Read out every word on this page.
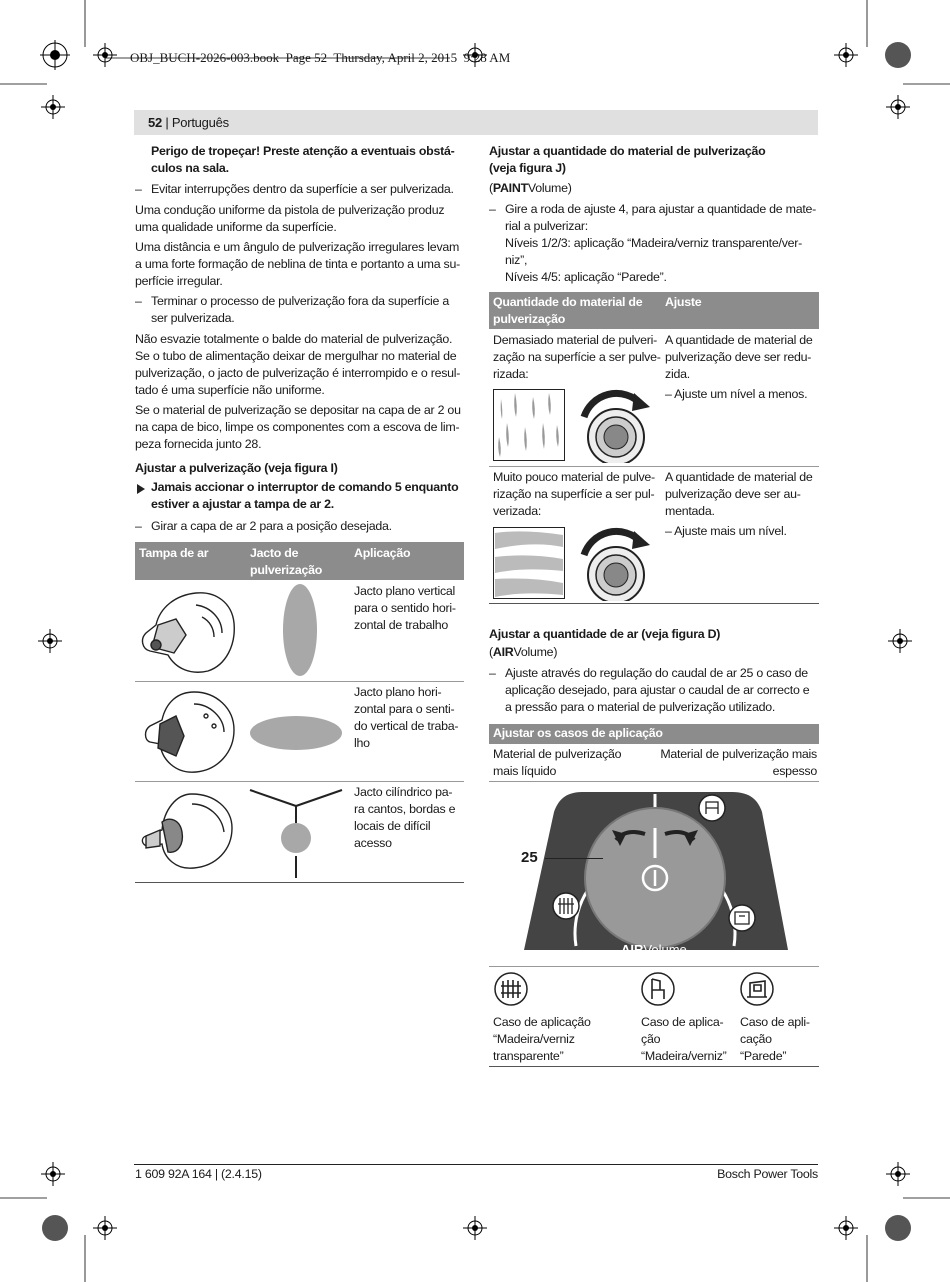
OBJ_BUCH-2026-003.book  Page 52  Thursday, April 2, 2015  9:28 AM
52 | Português

Perigo de tropeçar! Preste atenção a eventuais obstá-

culos na sala.

– Evitar interrupções dentro da superfície a ser pulverizada.

Uma condução uniforme da pistola de pulverização produz

uma qualidade uniforme da superfície.

Uma distância e um ângulo de pulverização irregulares levam

a uma forte formação de neblina de tinta e portanto a uma su-

perfície irregular.

– Terminar o processo de pulverização fora da superfície a

ser pulverizada.

Não esvazie totalmente o balde do material de pulverização.

Se o tubo de alimentação deixar de mergulhar no material de

pulverização, o jacto de pulverização é interrompido e o resul-

tado é uma superfície não uniforme.

Se o material de pulverização se depositar na capa de ar 2 ou

na capa de bico, limpe os componentes com a escova de lim-

peza fornecida junto 28.

Ajustar a pulverização (veja figura I)

Jamais accionar o interruptor de comando 5 enquanto

estiver a ajustar a tampa de ar 2.

– Girar a capa de ar 2 para a posição desejada.
Tampa de ar	Jacto de

pulverização

Aplicação

Jacto plano vertical

para o sentido hori-

zontal de trabalho

Jacto plano hori-

zontal para o senti-

do vertical de traba-

lho

Jacto cilíndrico pa-

ra cantos, bordas e

locais de difícil

acesso

Ajustar a quantidade do material de pulverização

(veja figura J)

(PAINTVolume)
– Gire a roda de ajuste 4, para ajustar a quantidade de mate-

rial a pulverizar:

Níveis 1/2/3: aplicação “Madeira/verniz transparente/ver-

niz”,

Níveis 4/5: aplicação “Parede”.

Quantidade do material de

pulverização

Ajuste

Demasiado material de pulveri-

zação na superfície a ser pulve-

rizada:

A quantidade de material de

pulverização deve ser redu-

zida.

– Ajuste um nível a menos.

Muito pouco material de pulve-

rização na superfície a ser pul-

verizada:

A quantidade de material de

pulverização deve ser au-

mentada.

– Ajuste mais um nível.
Ajustar a quantidade de ar (veja figura D)
(AIRVolume)
– Ajuste através do regulação do caudal de ar 25 o caso de

aplicação desejado, para ajustar o caudal de ar correcto e

a pressão para o material de pulverização utilizado.

Ajustar os casos de aplicação

Material de pulverização

mais líquido

Material de pulverização mais

espesso

25
AIRVolume

Caso de aplicação

“Madeira/verniz

transparente”

Caso de aplica-

ção

“Madeira/verniz”

Caso de apli-

cação

“Parede”

1 609 92A 164 | (2.4.15)	Bosch Power Tools
